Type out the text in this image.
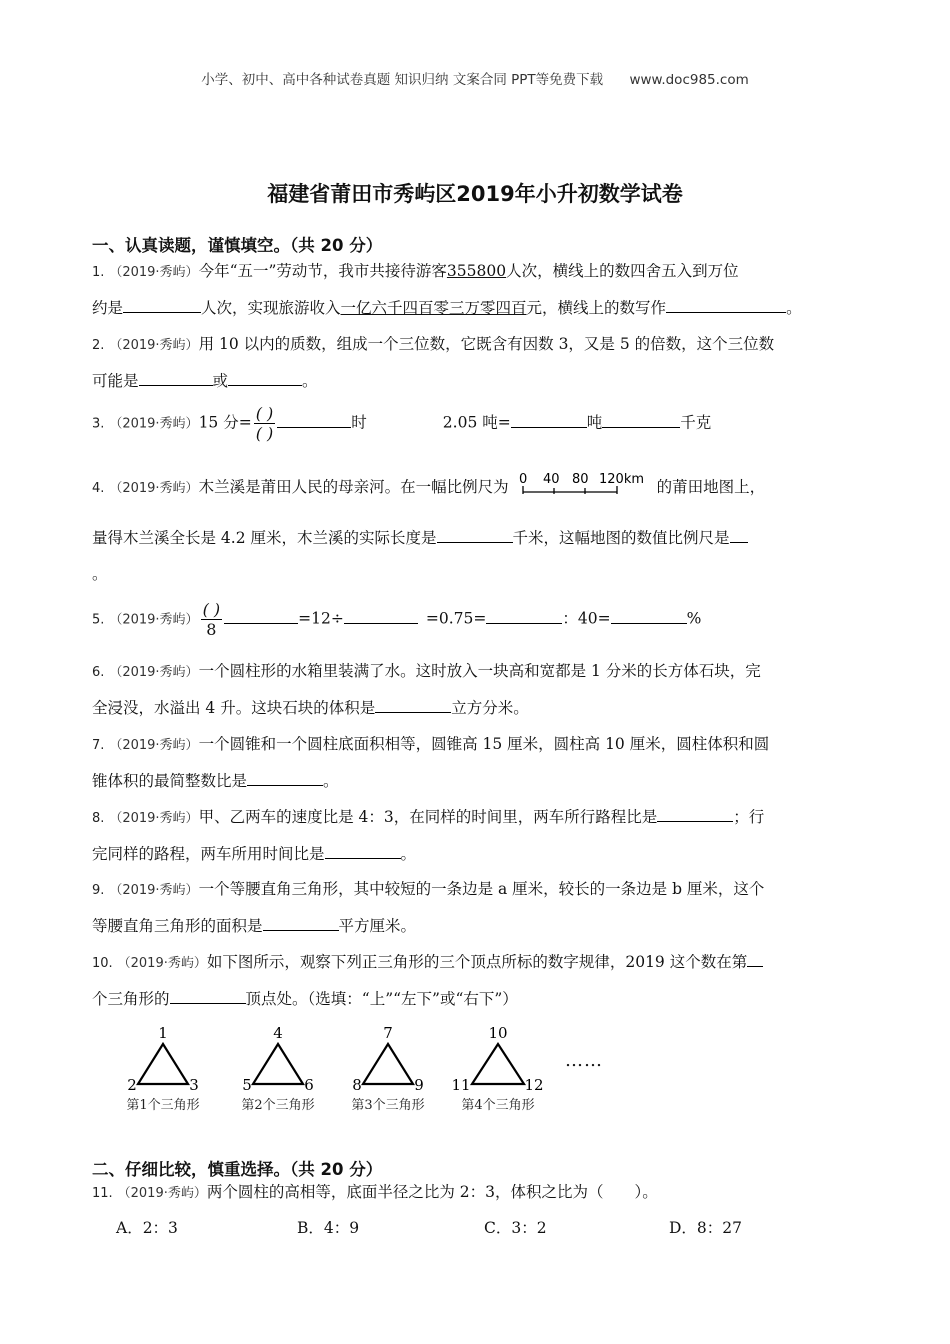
小学、初中、高中各种试卷真题 知识归纳 文案合同 PPT等免费下载 www.doc985.com
福建省莆田市秀屿区2019年小升初数学试卷
一、认真读题，谨慎填空。（共 20 分）
1. （2019·秀屿）今年“五一”劳动节，我市共接待游客355800人次，横线上的数四舍五入到万位
约是	人次，实现旅游收入一亿六千四百零三万零四百元，横线上的数写作	。
2. （2019·秀屿）用 10 以内的质数，组成一个三位数，它既含有因数 3，又是 5 的倍数，这个三位数
可能是	或	。
3. （2019·秀屿）15 分= $\frac{( )}{( )}$	时	2.05 吨=	吨	千克
4. （2019·秀屿）木兰溪是莆田人民的母亲河。在一幅比例尺为 0 40 80 120km 的莆田地图上，
量得木兰溪全长是 4.2 厘米，木兰溪的实际长度是	千米，这幅地图的数值比例尺是
。
5. （2019·秀屿） $\frac{( )}{8}$	=12÷	=0.75=	：40=	%
6. （2019·秀屿）一个圆柱形的水箱里装满了水。这时放入一块高和宽都是 1 分米的长方体石块，完
全浸没，水溢出 4 升。这块石块的体积是	立方分米。
7. （2019·秀屿）一个圆锥和一个圆柱底面积相等，圆锥高 15 厘米，圆柱高 10 厘米，圆柱体积和圆
锥体积的最简整数比是	。
8. （2019·秀屿）甲、乙两车的速度比是 4：3，在同样的时间里，两车所行路程比是	；行
完同样的路程，两车所用时间比是	。
9. （2019·秀屿）一个等腰直角三角形，其中较短的一条边是 a 厘米，较长的一条边是 b 厘米，这个
等腰直角三角形的面积是	平方厘米。
10. （2019·秀屿）如下图所示，观察下列正三角形的三个顶点所标的数字规律，2019 这个数在第
个三角形的	顶点处。（选填：“上”“左下”或“右下”）
1
2	3
第1个三角形
4
5	6
第2个三角形
7
8	9
第3个三角形
10
11	12
第4个三角形
……
二、仔细比较，慎重选择。（共 20 分）
11. （2019·秀屿）两个圆柱的高相等，底面半径之比为 2：3，体积之比为（　　）。
A．2：3	B．4：9	C．3：2	D．8：27
